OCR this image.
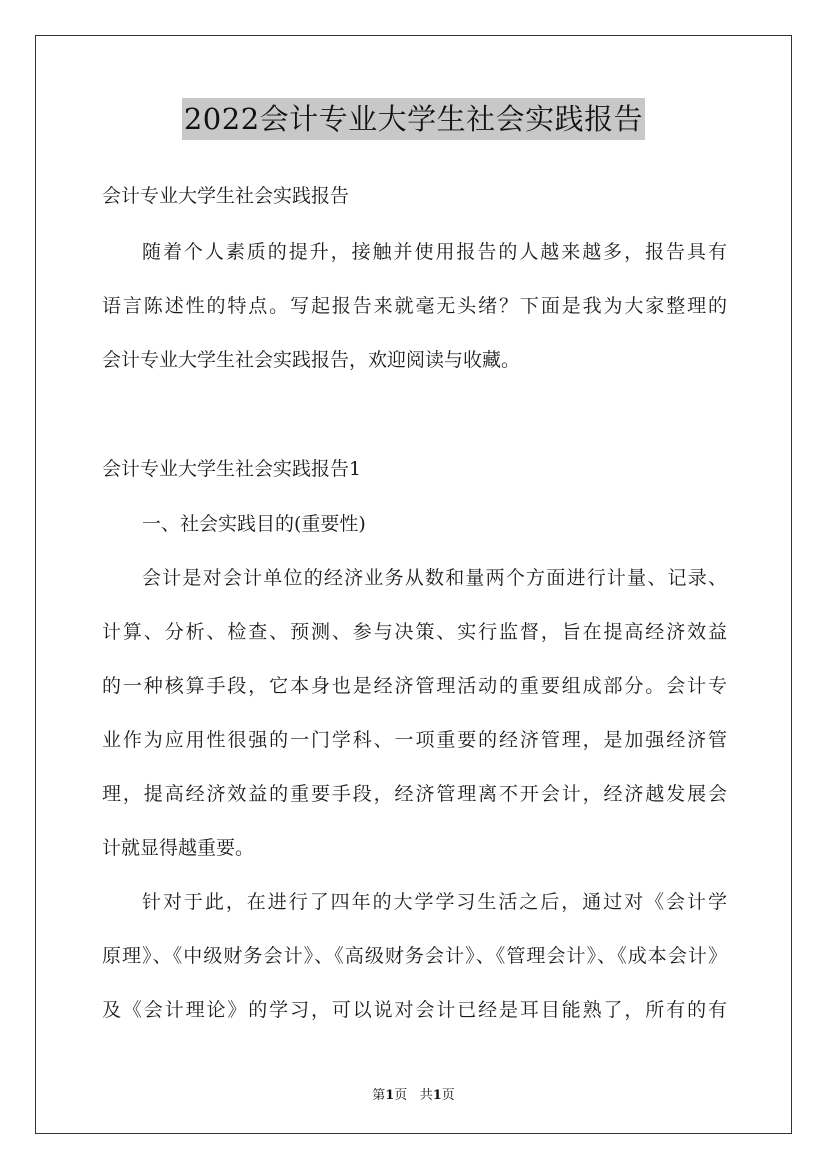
2022会计专业大学生社会实践报告
会计专业大学生社会实践报告
随着个人素质的提升，接触并使用报告的人越来越多，报告具有
语言陈述性的特点。写起报告来就毫无头绪？下面是我为大家整理的
会计专业大学生社会实践报告，欢迎阅读与收藏。
会计专业大学生社会实践报告1
一、社会实践目的(重要性)
会计是对会计单位的经济业务从数和量两个方面进行计量、记录、
计算、分析、检查、预测、参与决策、实行监督，旨在提高经济效益
的一种核算手段，它本身也是经济管理活动的重要组成部分。会计专
业作为应用性很强的一门学科、一项重要的经济管理，是加强经济管
理，提高经济效益的重要手段，经济管理离不开会计，经济越发展会
计就显得越重要。
针对于此，在进行了四年的大学学习生活之后，通过对《会计学
原理》、《中级财务会计》、《高级财务会计》、《管理会计》、《成本会计》
及《会计理论》的学习，可以说对会计已经是耳目能熟了，所有的有
第1页 共1页
